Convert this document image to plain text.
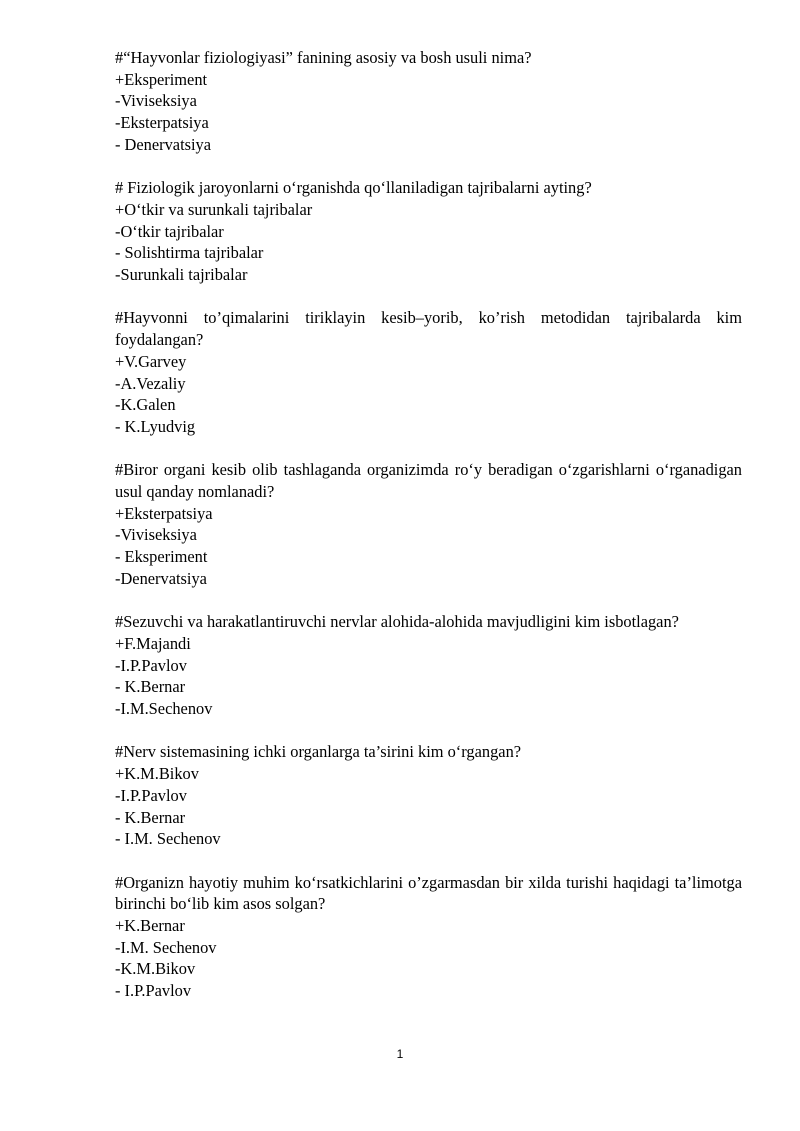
#“Hayvonlar fiziologiyasi” fanining asosiy va bosh usuli nima?

+Eksperiment

-Viviseksiya

-Eksterpatsiya

- Denervatsiya

# Fiziologik jaroyonlarni oʻrganishda qoʻllaniladigan tajribalarni ayting?

+Oʻtkir va surunkali tajribalar

-Oʻtkir tajribalar

- Solishtirma tajribalar

-Surunkali tajribalar

#Hayvonni to’qimalarini tiriklayin kesib–yorib, ko’rish metodidan tajribalarda kim foydalangan?

+V.Garvey

-A.Vezaliy

-K.Galen

- K.Lyudvig

#Biror organi kesib olib tashlaganda organizimda roʻy beradigan oʻzgarishlarni oʻrganadigan usul qanday nomlanadi?

+Eksterpatsiya

-Viviseksiya

- Eksperiment

-Denervatsiya

#Sezuvchi va harakatlantiruvchi nervlar alohida-alohida mavjudligini kim isbotlagan?

+F.Majandi

-I.P.Pavlov

- K.Bernar

-I.M.Sechenov

#Nerv sistemasining ichki organlarga ta’sirini kim oʻrgangan?

+K.M.Bikov

-I.P.Pavlov

- K.Bernar

- I.M. Sechenov

#Organizn hayotiy muhim koʻrsatkichlarini o’zgarmasdan bir xilda turishi haqidagi ta’limotga birinchi boʻlib kim asos solgan?

+K.Bernar

-I.M. Sechenov

-K.M.Bikov

- I.P.Pavlov

1
